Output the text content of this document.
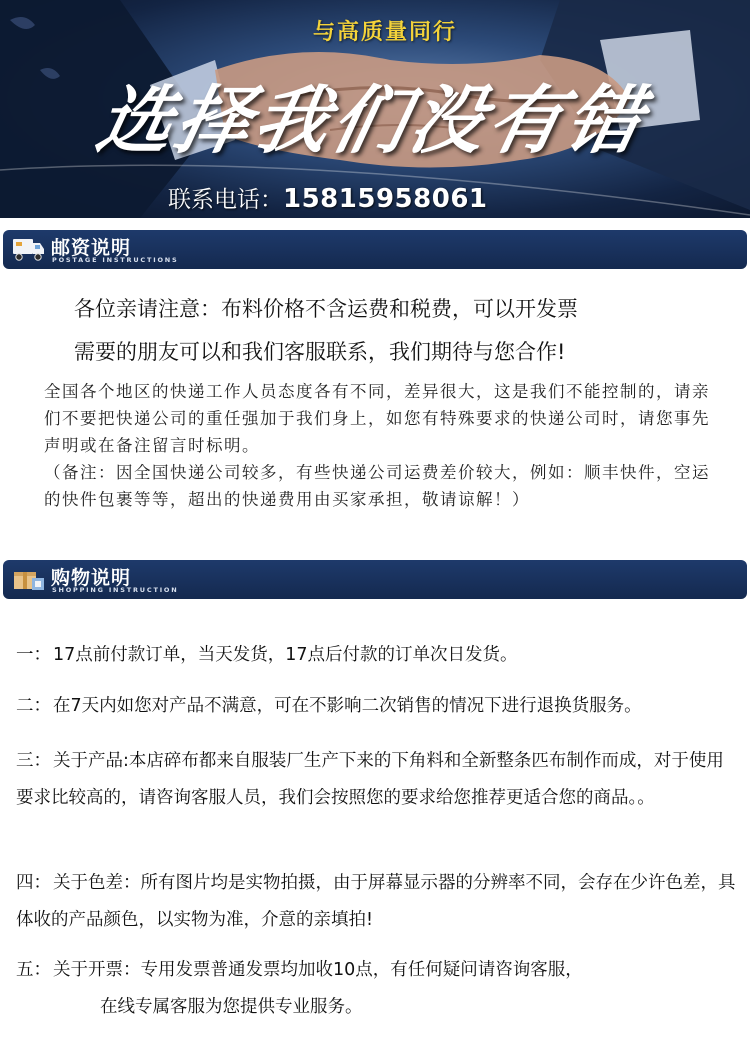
与高质量同行
选择我们没有错
联系电话：15815958061
邮资说明
POSTAGE INSTRUCTIONS
各位亲请注意：布料价格不含运费和税费，可以开发票
需要的朋友可以和我们客服联系，我们期待与您合作!

全国各个地区的快递工作人员态度各有不同，差异很大，这是我们不能控制的，请亲们不要把快递公司的重任强加于我们身上，如您有特殊要求的快递公司时，请您事先声明或在备注留言时标明。

（备注：因全国快递公司较多，有些快递公司运费差价较大，例如：顺丰快件，空运的快件包裹等等，超出的快递费用由买家承担，敬请谅解！）

购物说明
SHOPPING INSTRUCTION
一： 17点前付款订单，当天发货，17点后付款的订单次日发货。
二： 在7天内如您对产品不满意，可在不影响二次销售的情况下进行退换货服务。
三： 关于产品:本店碎布都来自服装厂生产下来的下角料和全新整条匹布制作而成，对于使用要求比较高的，请咨询客服人员，我们会按照您的要求给您推荐更适合您的商品。。
四： 关于色差：所有图片均是实物拍摄，由于屏幕显示器的分辨率不同，会存在少许色差，具体收的产品颜色，以实物为准，介意的亲填拍!
五： 关于开票：专用发票普通发票均加收10点，有任何疑问请咨询客服，
在线专属客服为您提供专业服务。
